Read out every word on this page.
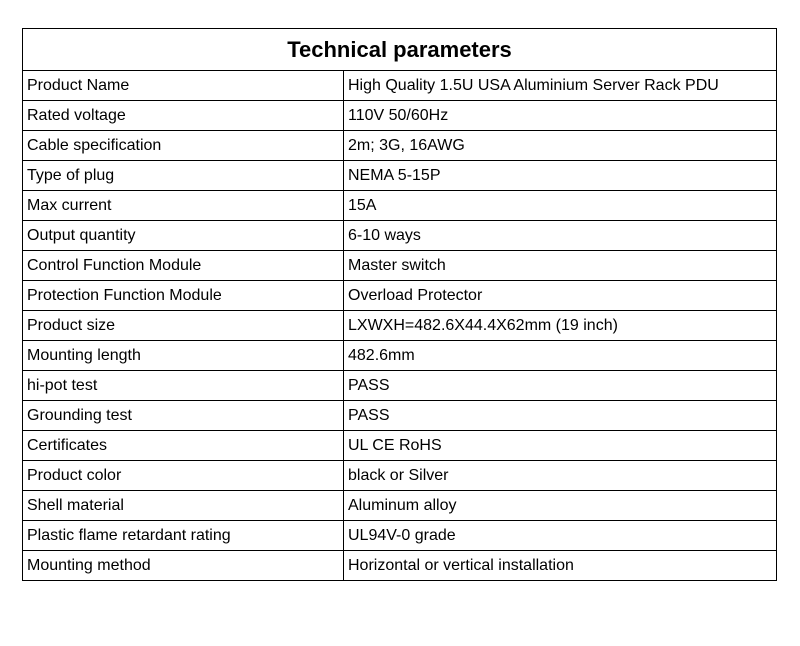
Technical parameters	
Product Name	High Quality 1.5U USA Aluminium Server Rack PDU
Rated voltage	110V 50/60Hz
Cable specification	2m; 3G, 16AWG
Type of plug	NEMA 5-15P
Max current	15A
Output quantity	6-10 ways
Control Function Module	Master switch
Protection Function Module	Overload Protector
Product size	LXWXH=482.6X44.4X62mm (19 inch)
Mounting length	482.6mm
hi-pot test	PASS
Grounding test	PASS
Certificates	UL CE RoHS
Product color	black or Silver
Shell material	Aluminum alloy
Plastic flame retardant rating	UL94V-0 grade
Mounting method	Horizontal or vertical installation
